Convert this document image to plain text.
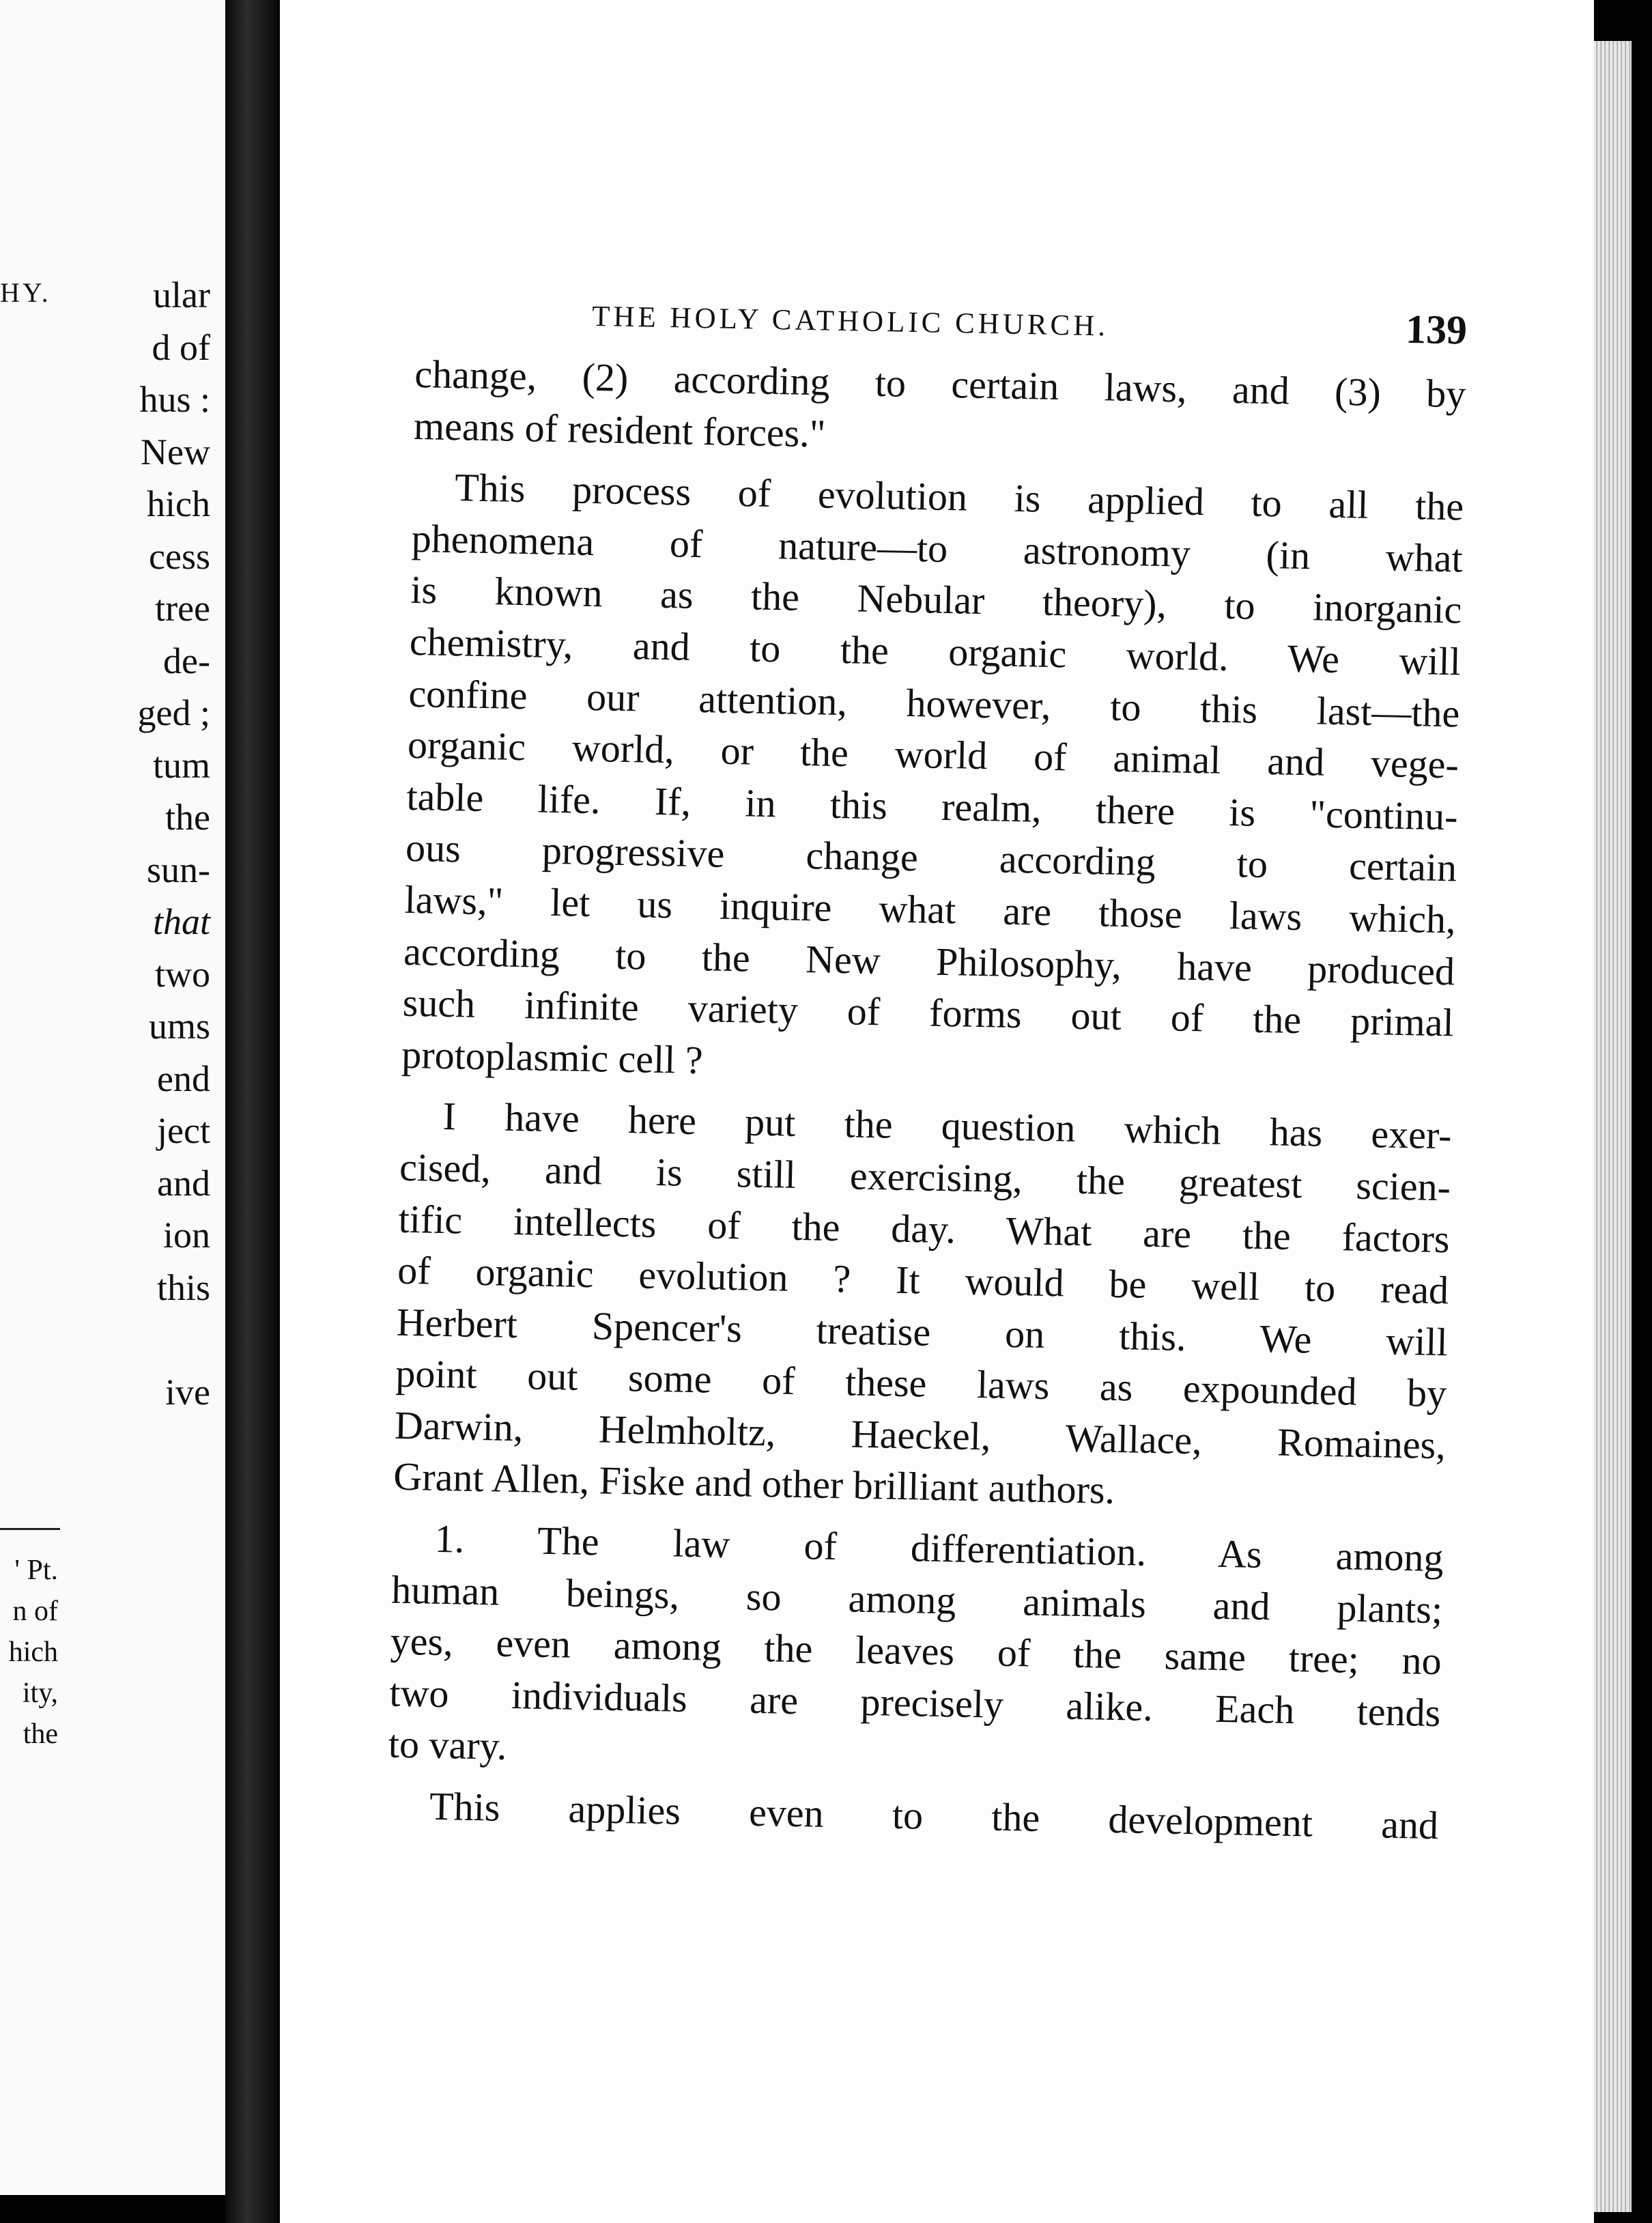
HY.	ular
d of
hus :
New
hich
cess
tree
de-
ged ;
tum
the
sun-
that
two
ums
end
ject
and
ion
this

ive
' Pt.
n of
hich
ity,
the
THE HOLY CATHOLIC CHURCH.	139
change, (2) according to certain laws, and (3) by
means of resident forces."
This process of evolution is applied to all the
phenomena of nature—to astronomy (in what
is known as the Nebular theory), to inorganic
chemistry, and to the organic world. We will
confine our attention, however, to this last—the
organic world, or the world of animal and vege-
table life. If, in this realm, there is "continu-
ous progressive change according to certain
laws," let us inquire what are those laws which,
according to the New Philosophy, have produced
such infinite variety of forms out of the primal
protoplasmic cell ?
I have here put the question which has exer-
cised, and is still exercising, the greatest scien-
tific intellects of the day. What are the factors
of organic evolution ? It would be well to read
Herbert Spencer's treatise on this. We will
point out some of these laws as expounded by
Darwin, Helmholtz, Haeckel, Wallace, Romaines,
Grant Allen, Fiske and other brilliant authors.
1. The law of differentiation. As among
human beings, so among animals and plants;
yes, even among the leaves of the same tree; no
two individuals are precisely alike. Each tends
to vary.
This applies even to the development and
